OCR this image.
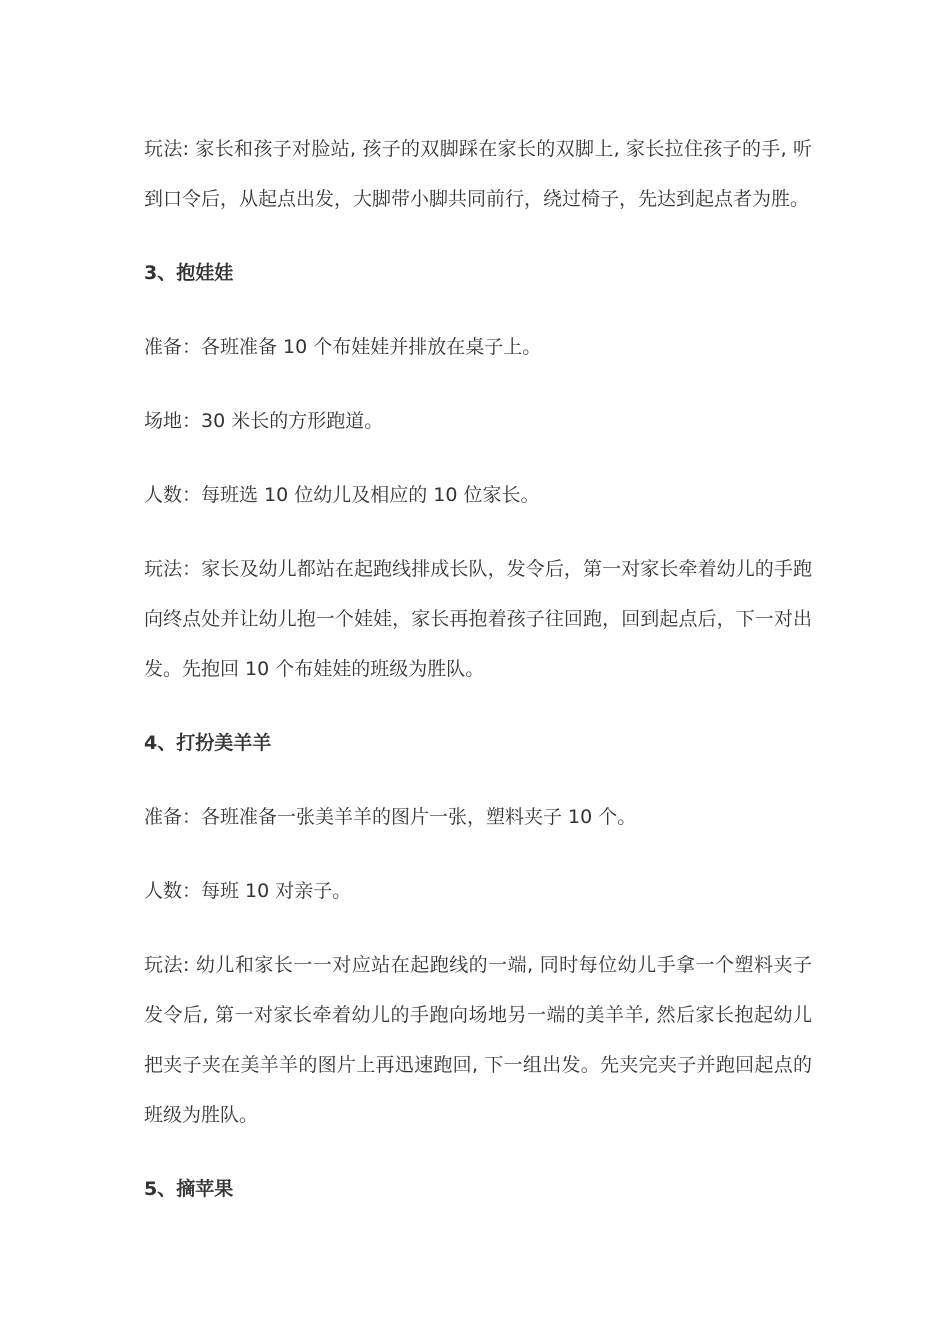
玩法: 家长和孩子对脸站, 孩子的双脚踩在家长的双脚上, 家长拉住孩子的手, 听到口令后，从起点出发，大脚带小脚共同前行，绕过椅子，先达到起点者为胜。

3、抱娃娃

准备：各班准备 10 个布娃娃并排放在桌子上。

场地：30 米长的方形跑道。

人数：每班选 10 位幼儿及相应的 10 位家长。

玩法：家长及幼儿都站在起跑线排成长队，发令后，第一对家长牵着幼儿的手跑向终点处并让幼儿抱一个娃娃，家长再抱着孩子往回跑，回到起点后，下一对出发。先抱回 10 个布娃娃的班级为胜队。

4、打扮美羊羊

准备：各班准备一张美羊羊的图片一张，塑料夹子 10 个。

人数：每班 10 对亲子。

玩法: 幼儿和家长一一对应站在起跑线的一端, 同时每位幼儿手拿一个塑料夹子发令后, 第一对家长牵着幼儿的手跑向场地另一端的美羊羊, 然后家长抱起幼儿把夹子夹在美羊羊的图片上再迅速跑回, 下一组出发。先夹完夹子并跑回起点的班级为胜队。

5、摘苹果
